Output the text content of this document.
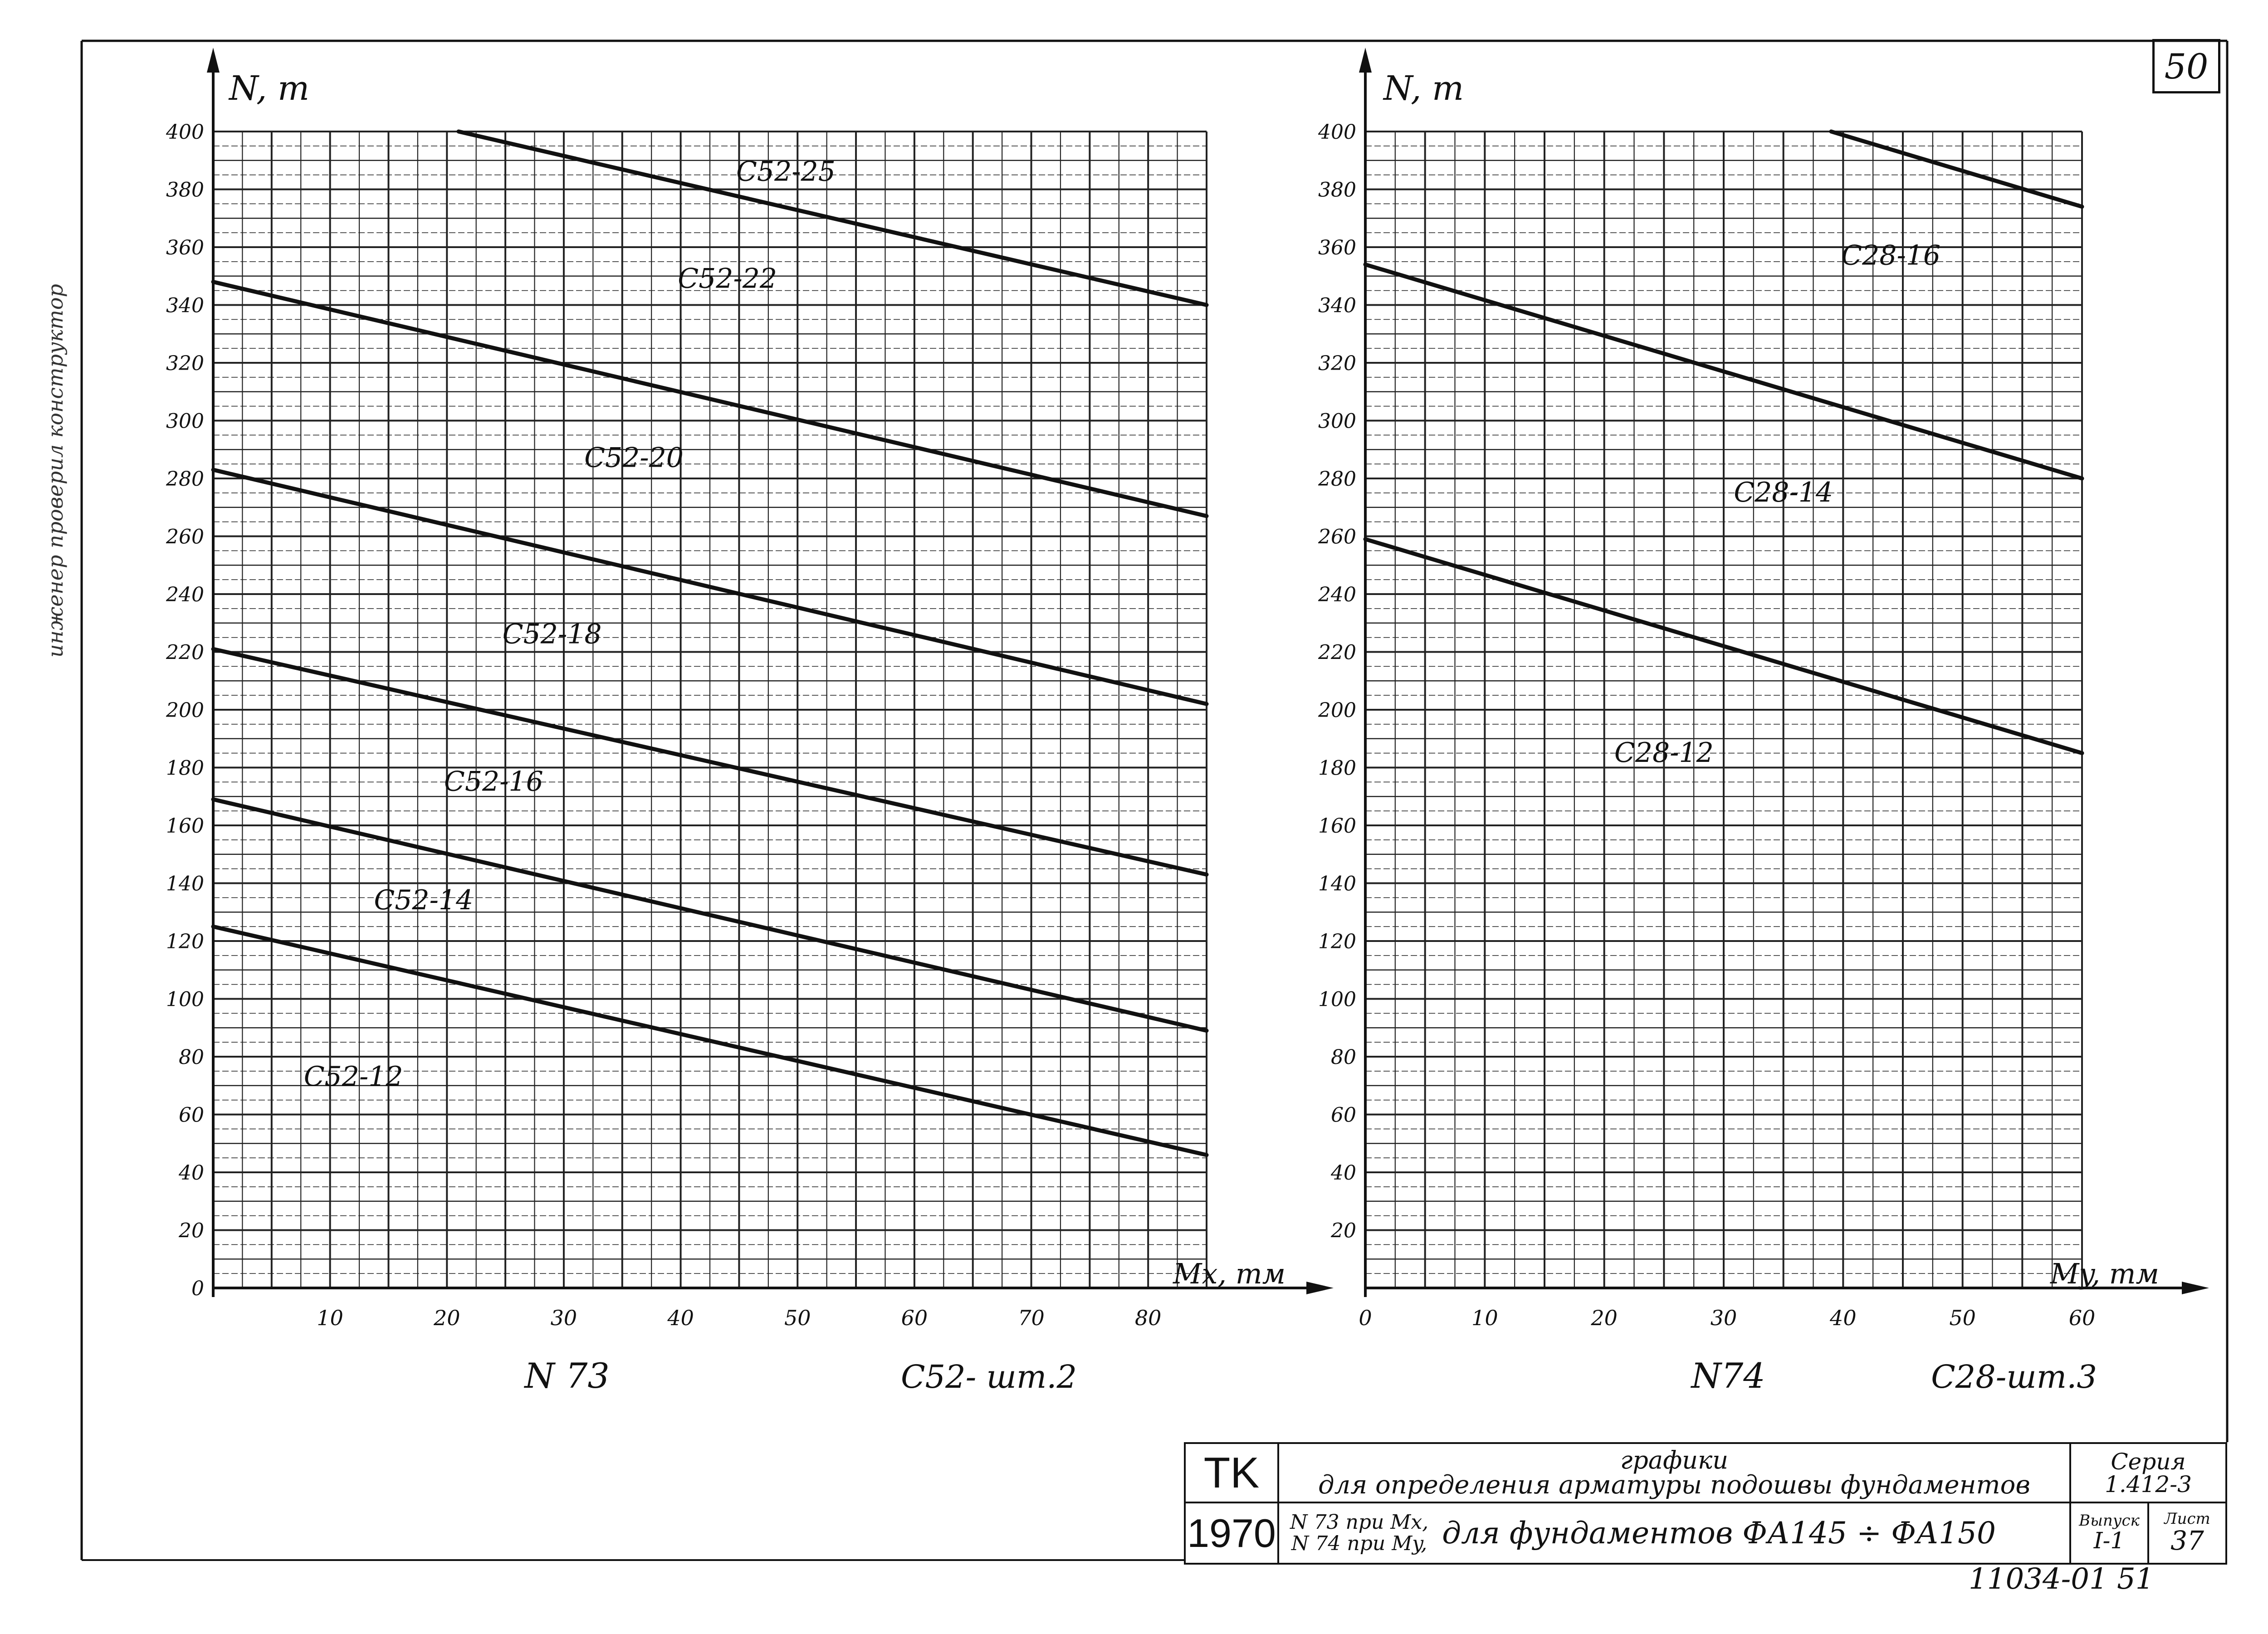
0
20
40
60
80
100
120
140
160
180
200
220
240
260
280
300
320
340
360
380
400
10	20	30	40	50	60	70	80
N, т
Mx, тм
C52-25
C52-22
C52-20
C52-18
C52-16
C52-14
C52-12
N 73	C52- шт.2
20
40
60
80
100
120
140
160
180
200
220
240
260
280
300
320
340
360
380
400
0	10	20	30	40	50	60
N, т
My, тм
C28-16
C28-14
C28-12
N74	C28-шт.3
50
инженер проверил конструктор
TK
1970
графики
для определения арматуры подошвы фундаментов
N 73 при Mx,
N 74 при My, для фундаментов ФА145 ÷ ФА150
Серия
1.412-3
Выпуск
I-1
Лист
37
11034-01 51
